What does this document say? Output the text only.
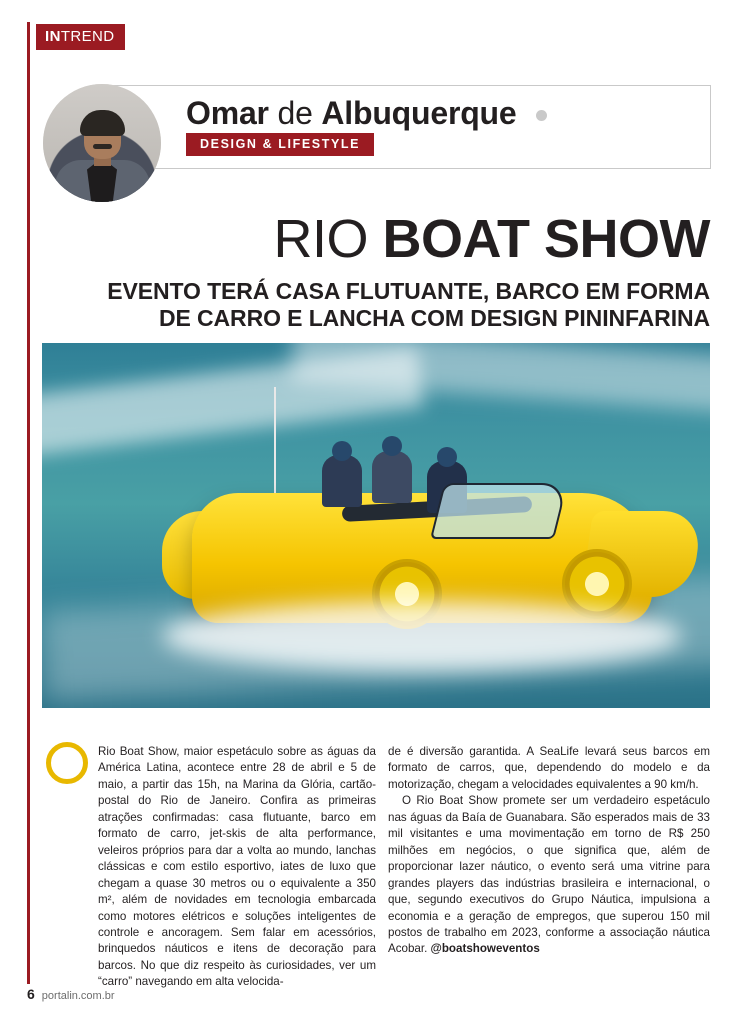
INTREND
Omar de Albuquerque
DESIGN & LIFESTYLE
RIO BOAT SHOW
EVENTO TERÁ CASA FLUTUANTE, BARCO EM FORMA
DE CARRO E LANCHA COM DESIGN PININFARINA

Rio Boat Show, maior espetáculo sobre as águas da América Latina, acontece entre 28 de abril e 5 de maio, a partir das 15h, na Marina da Glória, cartão-postal do Rio de Janeiro. Confira as primeiras atrações confirmadas: casa flutuante, barco em formato de carro, jet-skis de alta performance, veleiros próprios para dar a volta ao mundo, lanchas clássicas e com estilo esportivo, iates de luxo que chegam a quase 30 metros ou o equivalente a 350 m², além de novidades em tecnologia embarcada como motores elétricos e soluções inteligentes de controle e ancoragem. Sem falar em acessórios, brinquedos náuticos e itens de decoração para barcos. No que diz respeito às curiosidades, ver um “carro” navegando em alta velocida-

de é diversão garantida. A SeaLife levará seus barcos em formato de carros, que, dependendo do modelo e da motorização, chegam a velocidades equivalentes a 90 km/h.

O Rio Boat Show promete ser um verdadeiro espetáculo nas águas da Baía de Guanabara. São esperados mais de 33 mil visitantes e uma movimentação em torno de R$ 250 milhões em negócios, o que significa que, além de proporcionar lazer náutico, o evento será uma vitrine para grandes players das indústrias brasileira e internacional, o que, segundo executivos do Grupo Náutica, impulsiona a economia e a geração de empregos, que superou 150 mil postos de trabalho em 2023, conforme a associação náutica Acobar. @boatshoweventos

6 portalin.com.br
